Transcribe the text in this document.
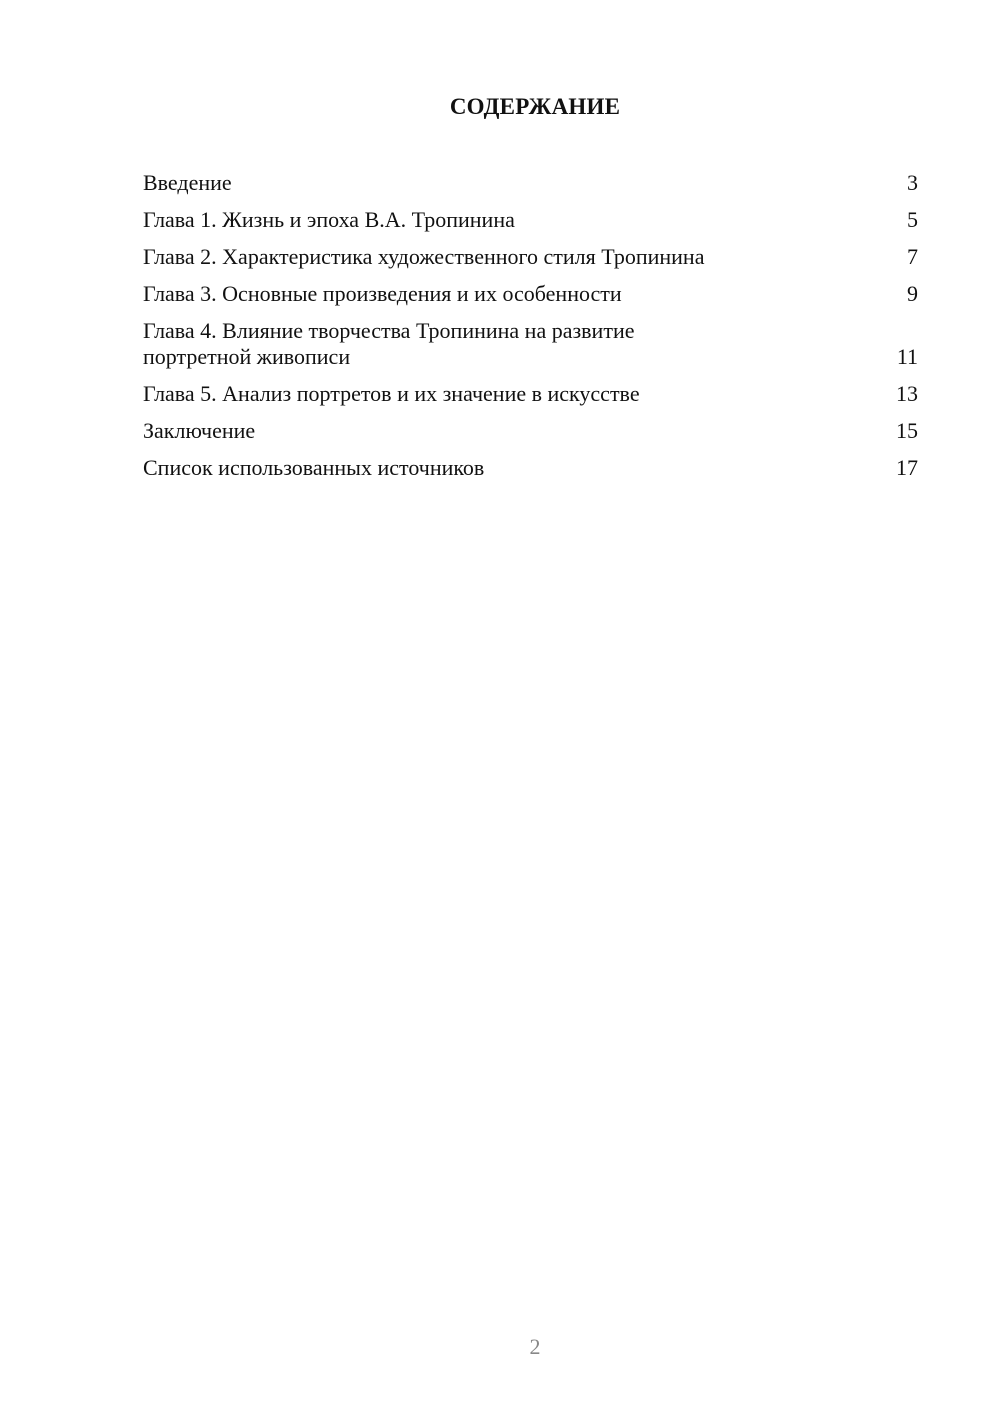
СОДЕРЖАНИЕ
Введение	3
Глава 1. Жизнь и эпоха В.А. Тропинина	5
Глава 2. Характеристика художественного стиля Тропинина	7
Глава 3. Основные произведения и их особенности	9
Глава 4. Влияние творчества Тропинина на развитие
портретной живописи	11
Глава 5. Анализ портретов и их значение в искусстве	13
Заключение	15
Список использованных источников	17
2
